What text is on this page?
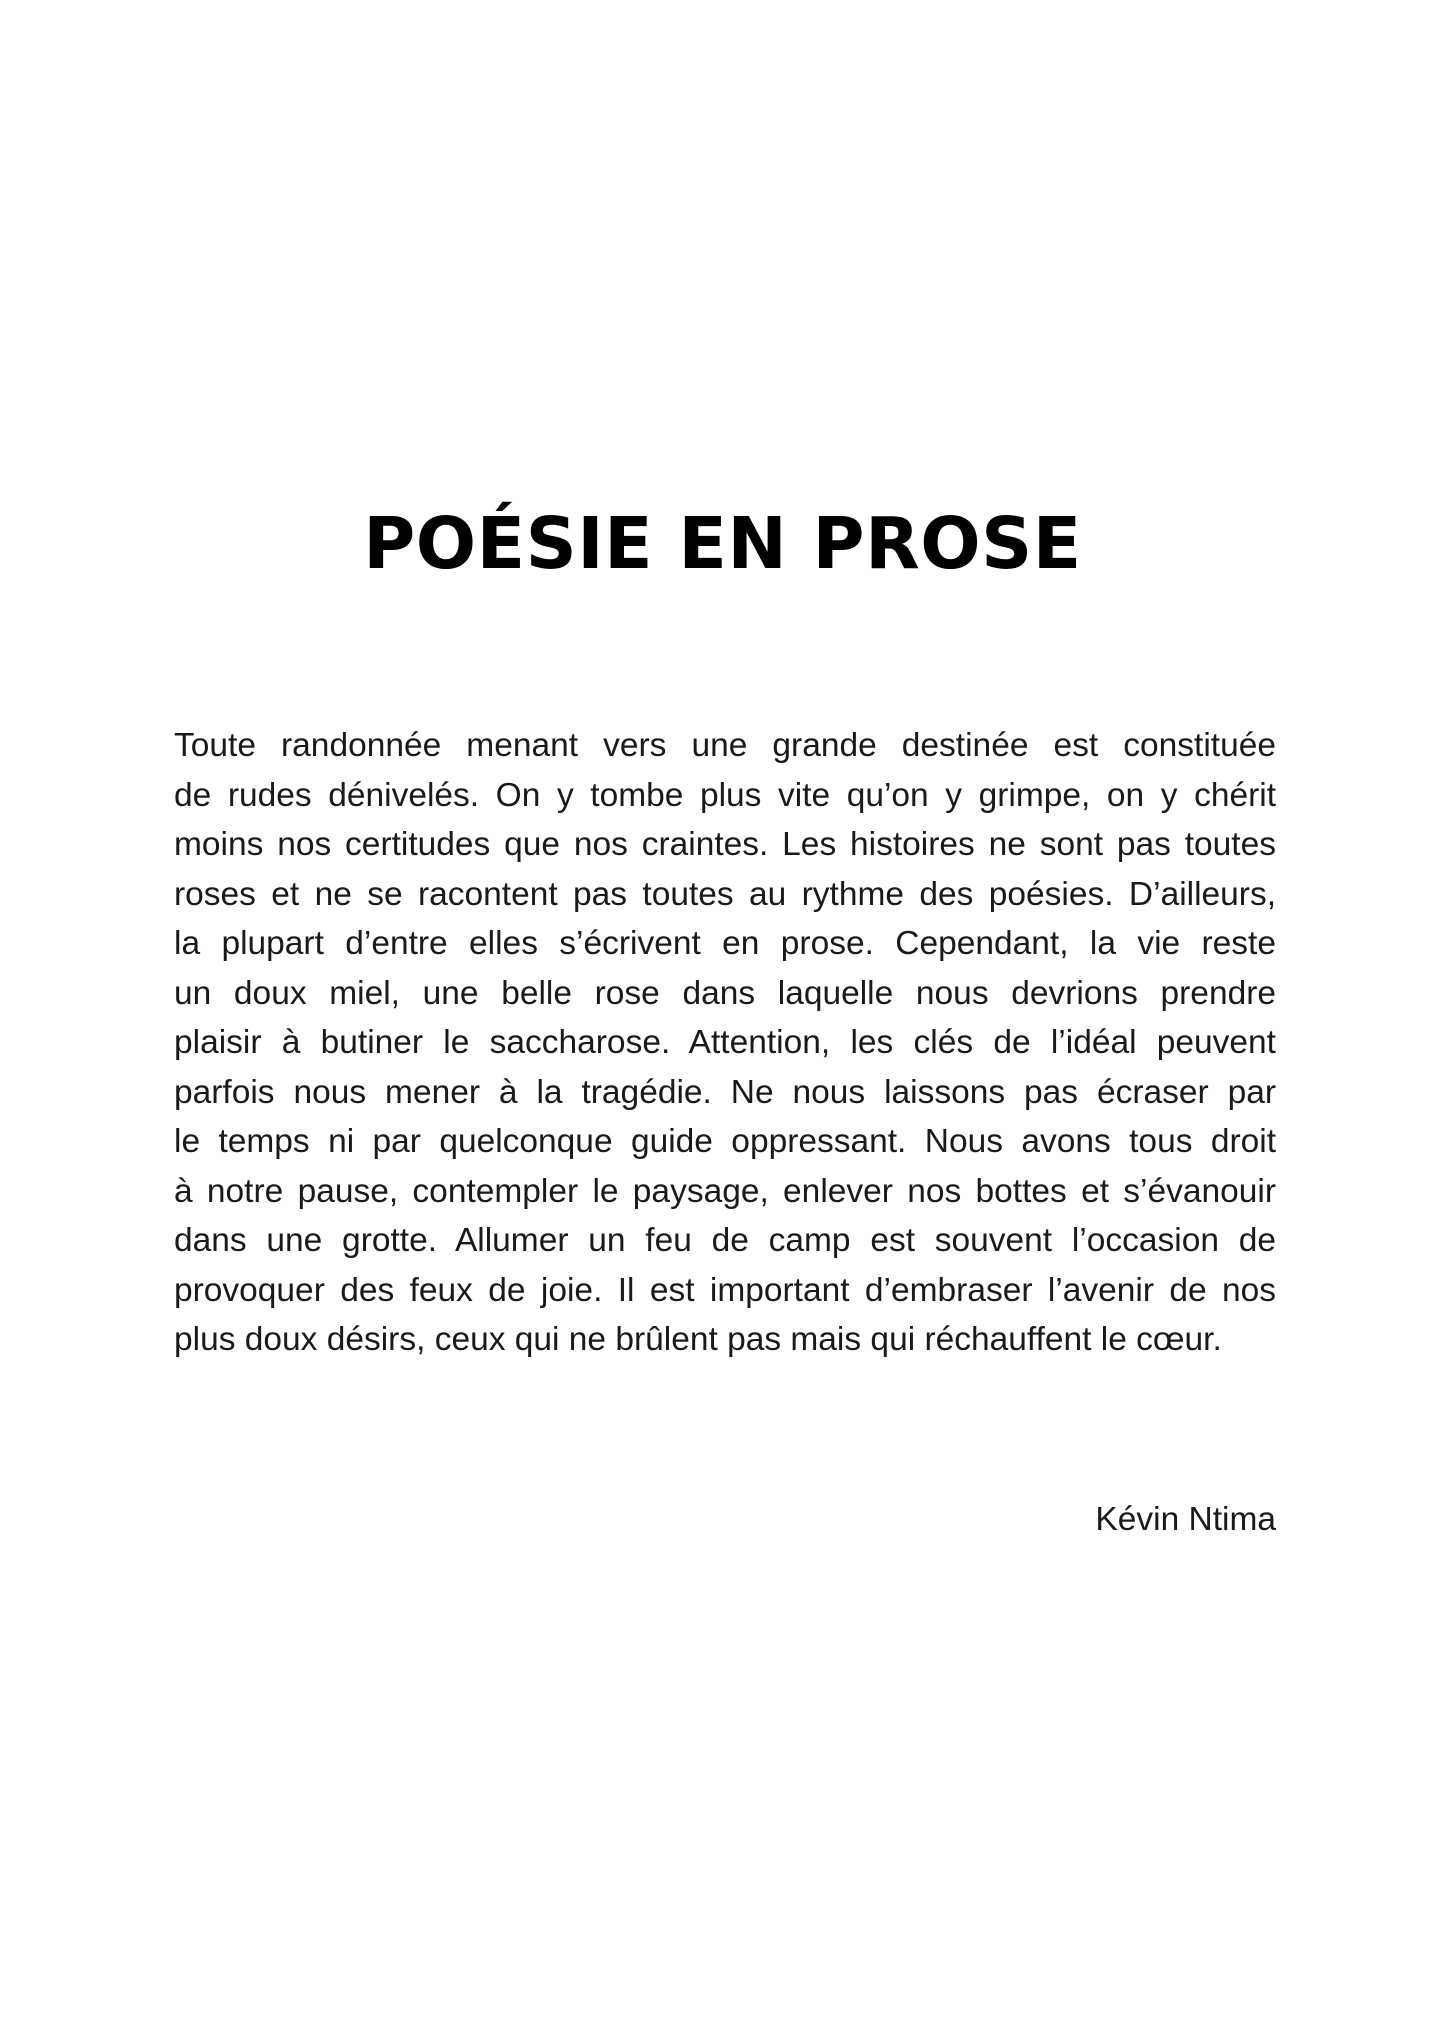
POÉSIE EN PROSE
Toute randonnée menant vers une grande destinée est constituée
de rudes dénivelés. On y tombe plus vite qu’on y grimpe, on y chérit
moins nos certitudes que nos craintes. Les histoires ne sont pas toutes
roses et ne se racontent pas toutes au rythme des poésies. D’ailleurs,
la plupart d’entre elles s’écrivent en prose. Cependant, la vie reste
un doux miel, une belle rose dans laquelle nous devrions prendre
plaisir à butiner le saccharose. Attention, les clés de l’idéal peuvent
parfois nous mener à la tragédie. Ne nous laissons pas écraser par
le temps ni par quelconque guide oppressant. Nous avons tous droit
à notre pause, contempler le paysage, enlever nos bottes et s’évanouir
dans une grotte. Allumer un feu de camp est souvent l’occasion de
provoquer des feux de joie. Il est important d’embraser l’avenir de nos
plus doux désirs, ceux qui ne brûlent pas mais qui réchauffent le cœur.
Kévin Ntima
